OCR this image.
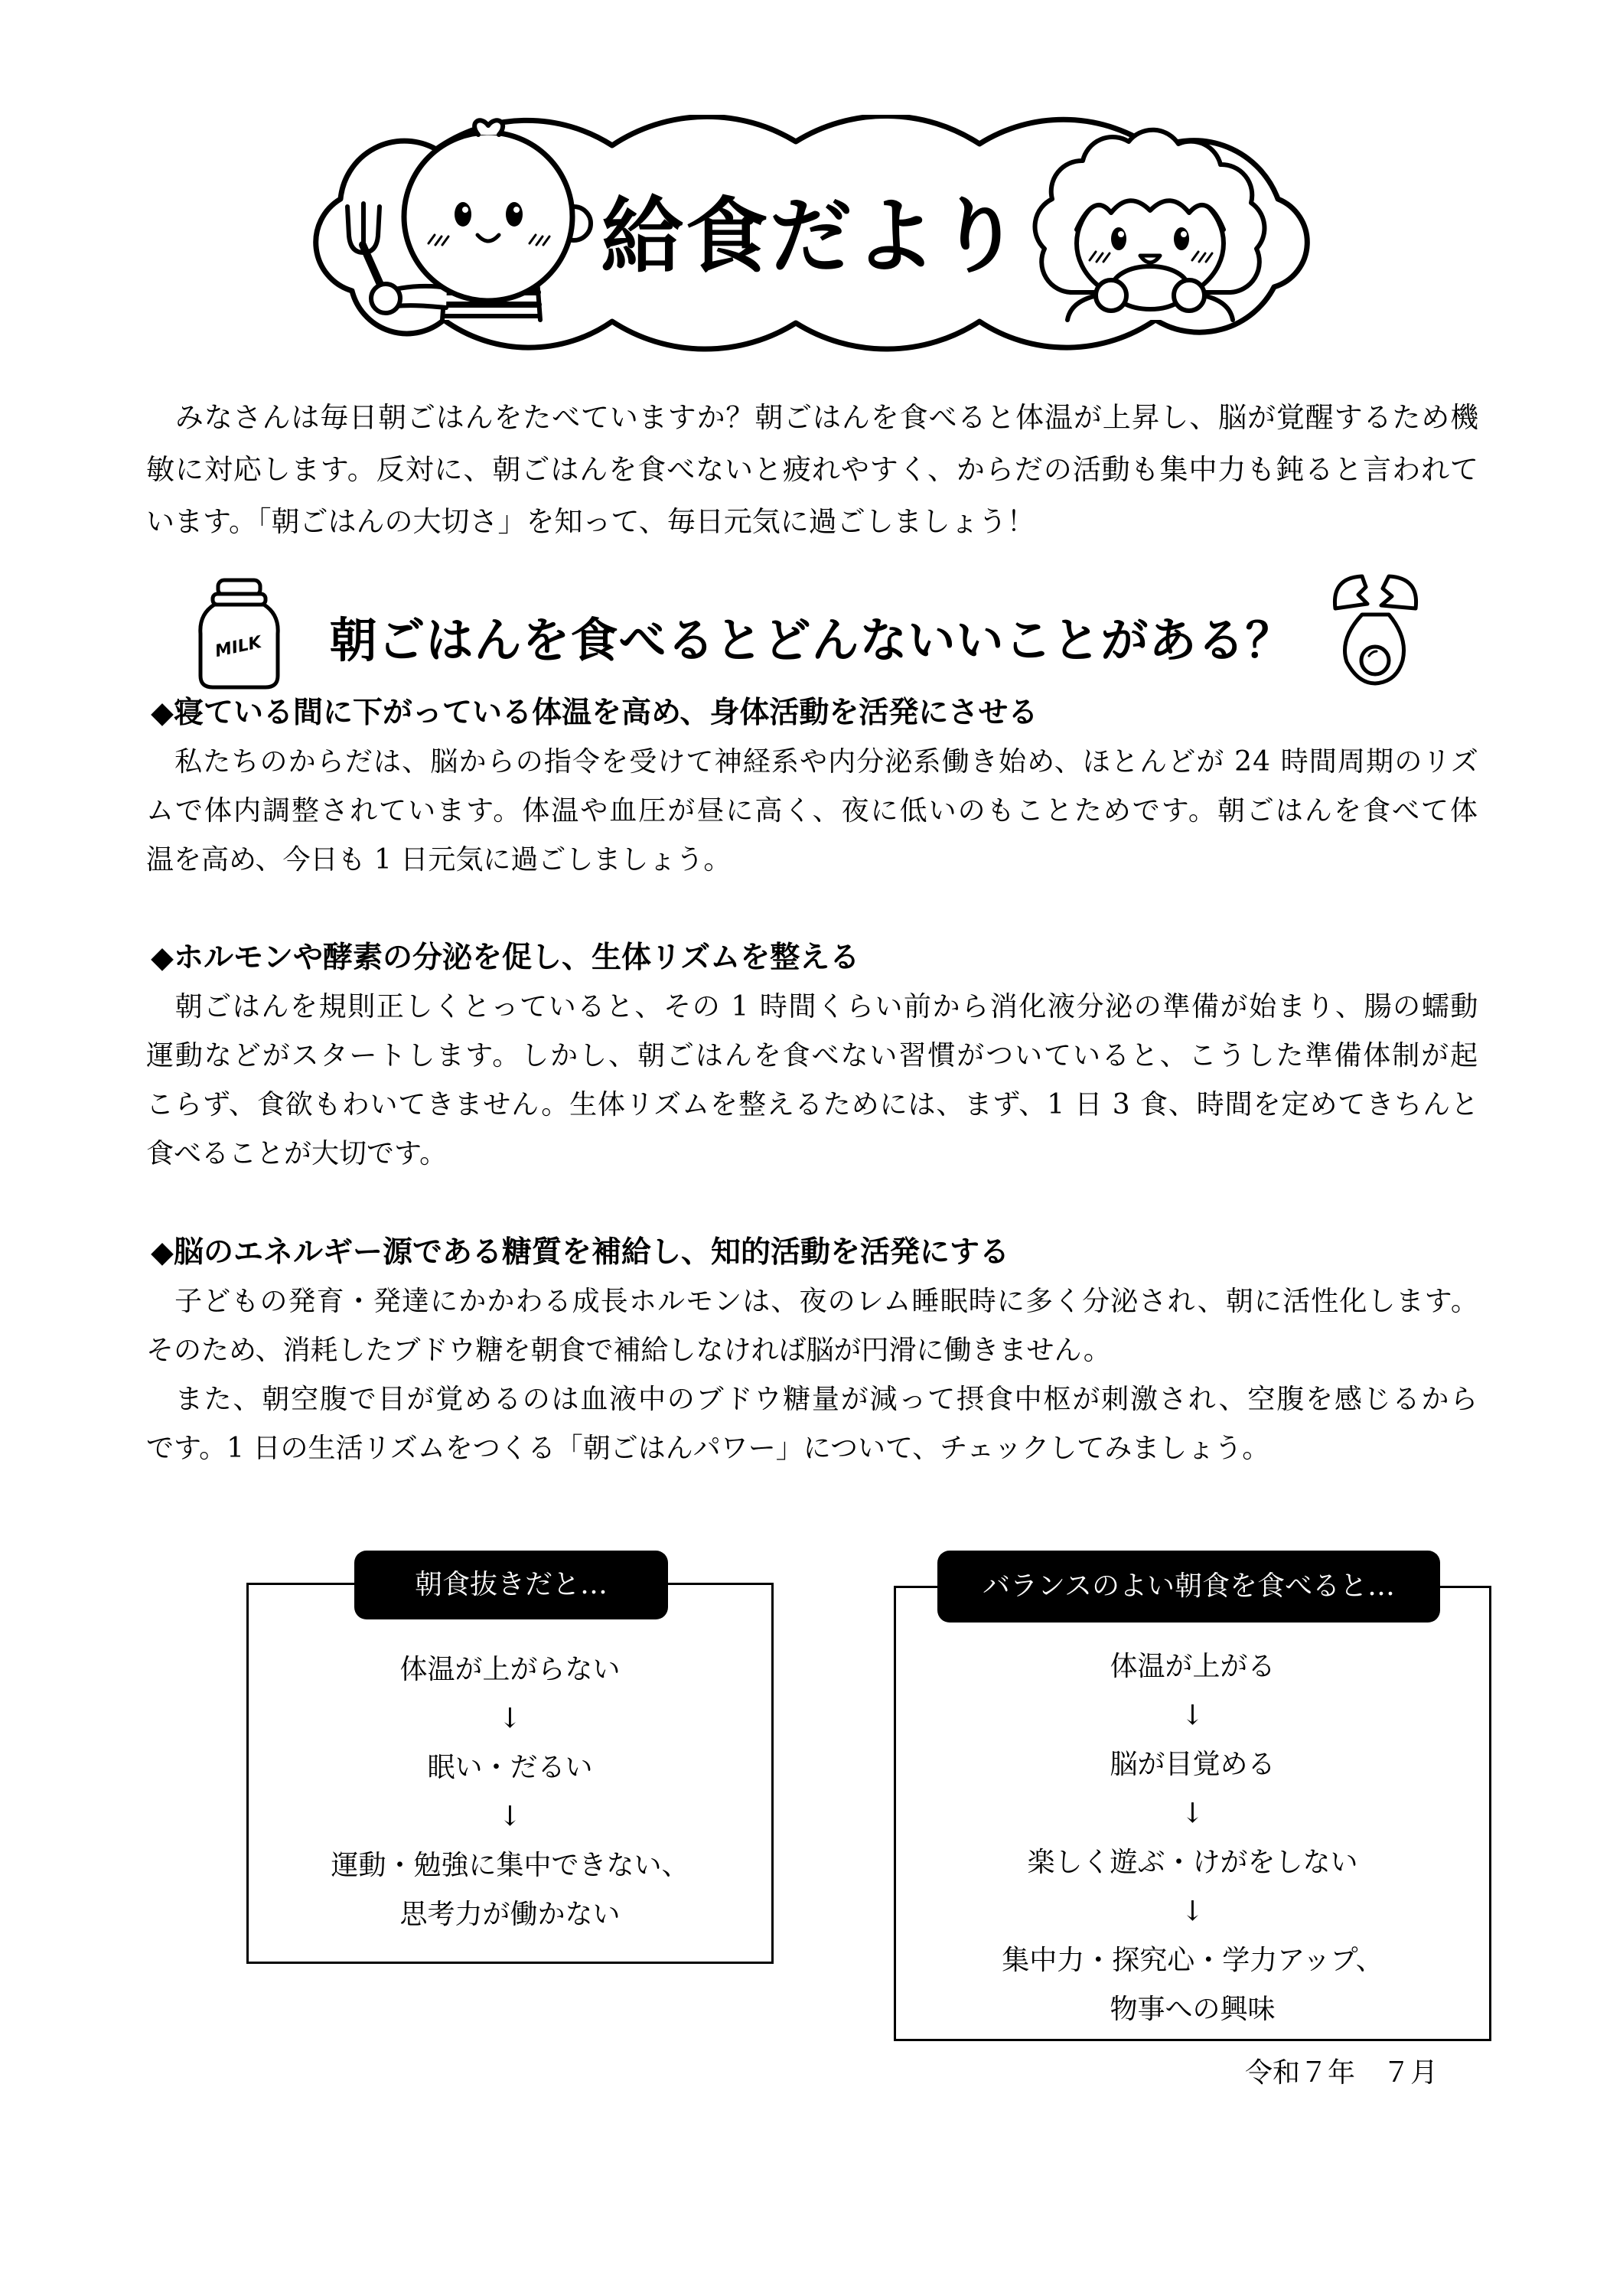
給食だより
　みなさんは毎日朝ごはんをたべていますか？朝ごはんを食べると体温が上昇し、脳が覚醒するため機
敏に対応します。反対に、朝ごはんを食べないと疲れやすく、からだの活動も集中力も鈍ると言われて
います。「朝ごはんの大切さ」を知って、毎日元気に過ごしましょう！
MILK	朝ごはんを食べるとどんないいことがある？
◆寝ている間に下がっている体温を高め、身体活動を活発にさせる
　私たちのからだは、脳からの指令を受けて神経系や内分泌系働き始め、ほとんどが 24 時間周期のリズ
ムで体内調整されています。体温や血圧が昼に高く、夜に低いのもことためです。朝ごはんを食べて体
温を高め、今日も 1 日元気に過ごしましょう。
◆ホルモンや酵素の分泌を促し、生体リズムを整える
　朝ごはんを規則正しくとっていると、その 1 時間くらい前から消化液分泌の準備が始まり、腸の蠕動
運動などがスタートします。しかし、朝ごはんを食べない習慣がついていると、こうした準備体制が起
こらず、食欲もわいてきません。生体リズムを整えるためには、まず、1 日 3 食、時間を定めてきちんと
食べることが大切です。
◆脳のエネルギー源である糖質を補給し、知的活動を活発にする
　子どもの発育・発達にかかわる成長ホルモンは、夜のレム睡眠時に多く分泌され、朝に活性化します。
そのため、消耗したブドウ糖を朝食で補給しなければ脳が円滑に働きません。
　また、朝空腹で目が覚めるのは血液中のブドウ糖量が減って摂食中枢が刺激され、空腹を感じるから
です。1 日の生活リズムをつくる「朝ごはんパワー」について、チェックしてみましょう。
体温が上がらない
↓
眠い・だるい
↓
運動・勉強に集中できない、
思考力が働かない
朝食抜きだと…
体温が上がる
↓
脳が目覚める
↓
楽しく遊ぶ・けがをしない
↓
集中力・探究心・学力アップ、
物事への興味
バランスのよい朝食を食べると…
令和７年　７月
